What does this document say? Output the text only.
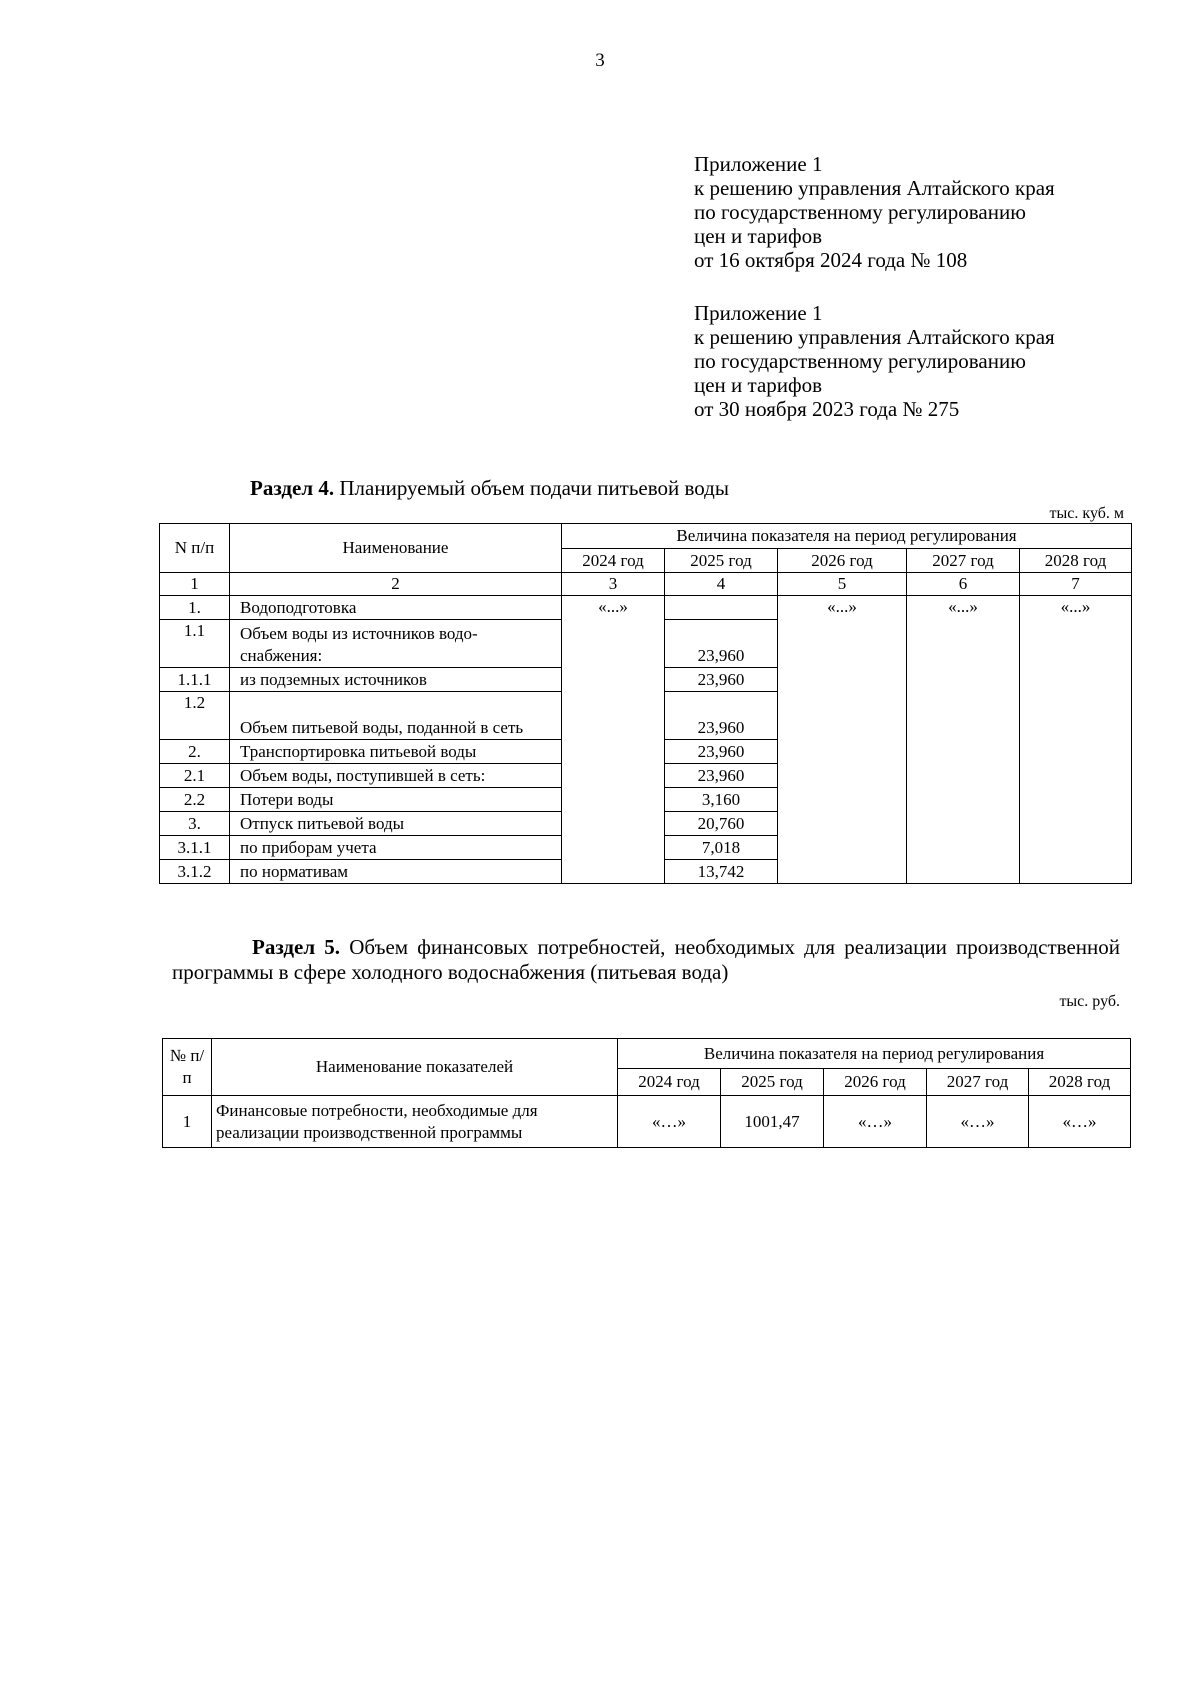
3
Приложение 1
к решению управления Алтайского края
по государственному регулированию
цен и тарифов
от 16 октября 2024 года № 108
Приложение 1
к решению управления Алтайского края
по государственному регулированию
цен и тарифов
от 30 ноября 2023 года № 275
Раздел 4. Планируемый объем подачи питьевой воды
тыс. куб. м
N п/п	Наименование	Величина показателя на период регулирования				
		2024 год	2025 год	2026 год	2027 год	2028 год
1	2	3	4	5	6	7
1.	Водоподготовка	«...»		«...»	«...»	«...»
1.1	Объем воды из источников водо-снабжения:		23,960			
1.1.1	из подземных источников		23,960			
1.2	Объем питьевой воды, поданной в сеть		23,960			
2.	Транспортировка питьевой воды		23,960			
2.1	Объем воды, поступившей в сеть:		23,960			
2.2	Потери воды		3,160			
3.	Отпуск питьевой воды		20,760			
3.1.1	по приборам учета		7,018			
3.1.2	по нормативам		13,742			
Раздел 5. Объем финансовых потребностей, необходимых для реализации производственной программы в сфере холодного водоснабжения (питьевая вода)
тыс. руб.
№ п/п	Наименование показателей	Величина показателя на период регулирования				
		2024 год	2025 год	2026 год	2027 год	2028 год
1	Финансовые потребности, необходимые для реализации производственной программы	«…»	1001,47	«…»	«…»	«…»
